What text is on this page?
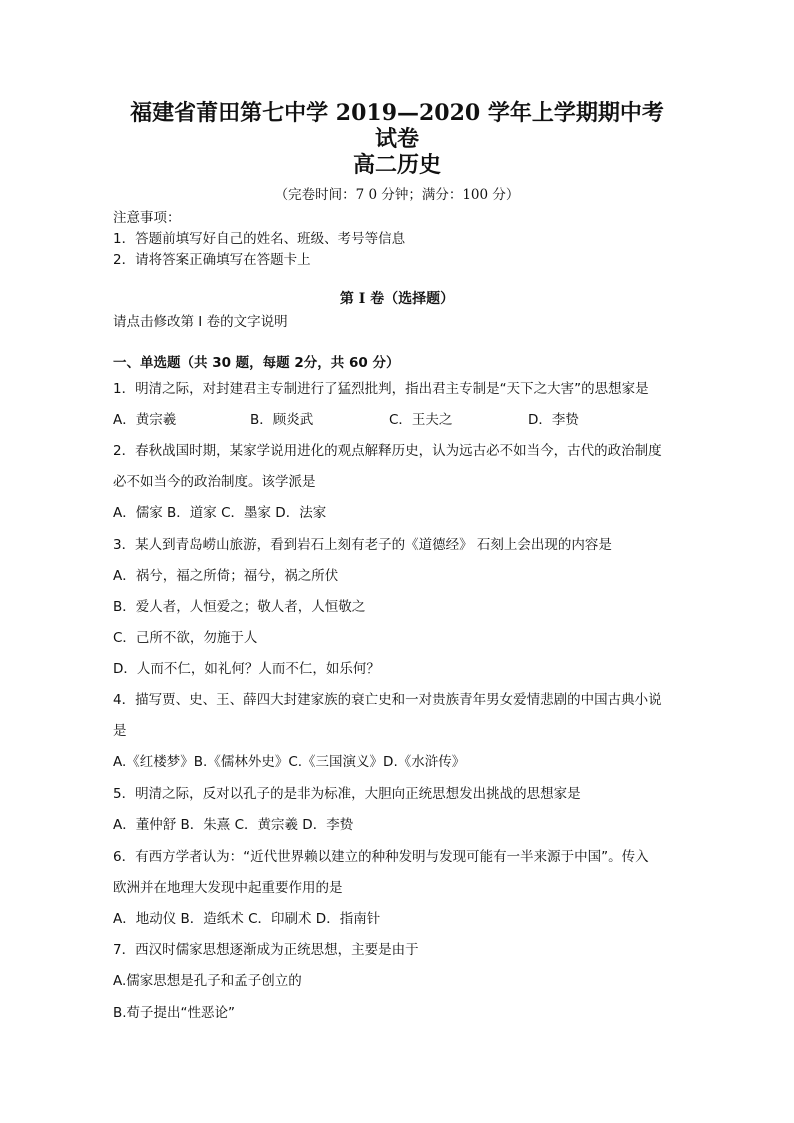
福建省莆田第七中学 2019—2020 学年上学期期中考
试卷
高二历史
（完卷时间：7 0 分钟；满分：100 分）
注意事项：
1．答题前填写好自己的姓名、班级、考号等信息
2．请将答案正确填写在答题卡上
第 I 卷（选择题）
请点击修改第 I 卷的文字说明
一、单选题（共 30 题，每题 2分，共 60 分）
1．明清之际，对封建君主专制进行了猛烈批判，指出君主专制是“天下之大害”的思想家是
A．黄宗羲	B．顾炎武	C．王夫之	D．李贽
2．春秋战国时期，某家学说用进化的观点解释历史，认为远古必不如当今，古代的政治制度
必不如当今的政治制度。该学派是
A．儒家 B．道家 C．墨家 D．法家
3．某人到青岛崂山旅游，看到岩石上刻有老子的《道德经》 石刻上会出现的内容是
A．祸兮，福之所倚；福兮，祸之所伏
B．爱人者，人恒爱之；敬人者，人恒敬之
C．己所不欲，勿施于人
D．人而不仁，如礼何？人而不仁，如乐何？
4．描写贾、史、王、薛四大封建家族的衰亡史和一对贵族青年男女爱情悲剧的中国古典小说
是
A.《红楼梦》B.《儒林外史》C.《三国演义》D.《水浒传》
5．明清之际，反对以孔子的是非为标准，大胆向正统思想发出挑战的思想家是
A．董仲舒 B．朱熹 C．黄宗羲 D．李贽
6．有西方学者认为：“近代世界赖以建立的种种发明与发现可能有一半来源于中国”。传入
欧洲并在地理大发现中起重要作用的是
A．地动仪 B．造纸术 C．印刷术 D．指南针
7．西汉时儒家思想逐渐成为正统思想，主要是由于
A.儒家思想是孔子和孟子创立的
B.荀子提出“性恶论”
